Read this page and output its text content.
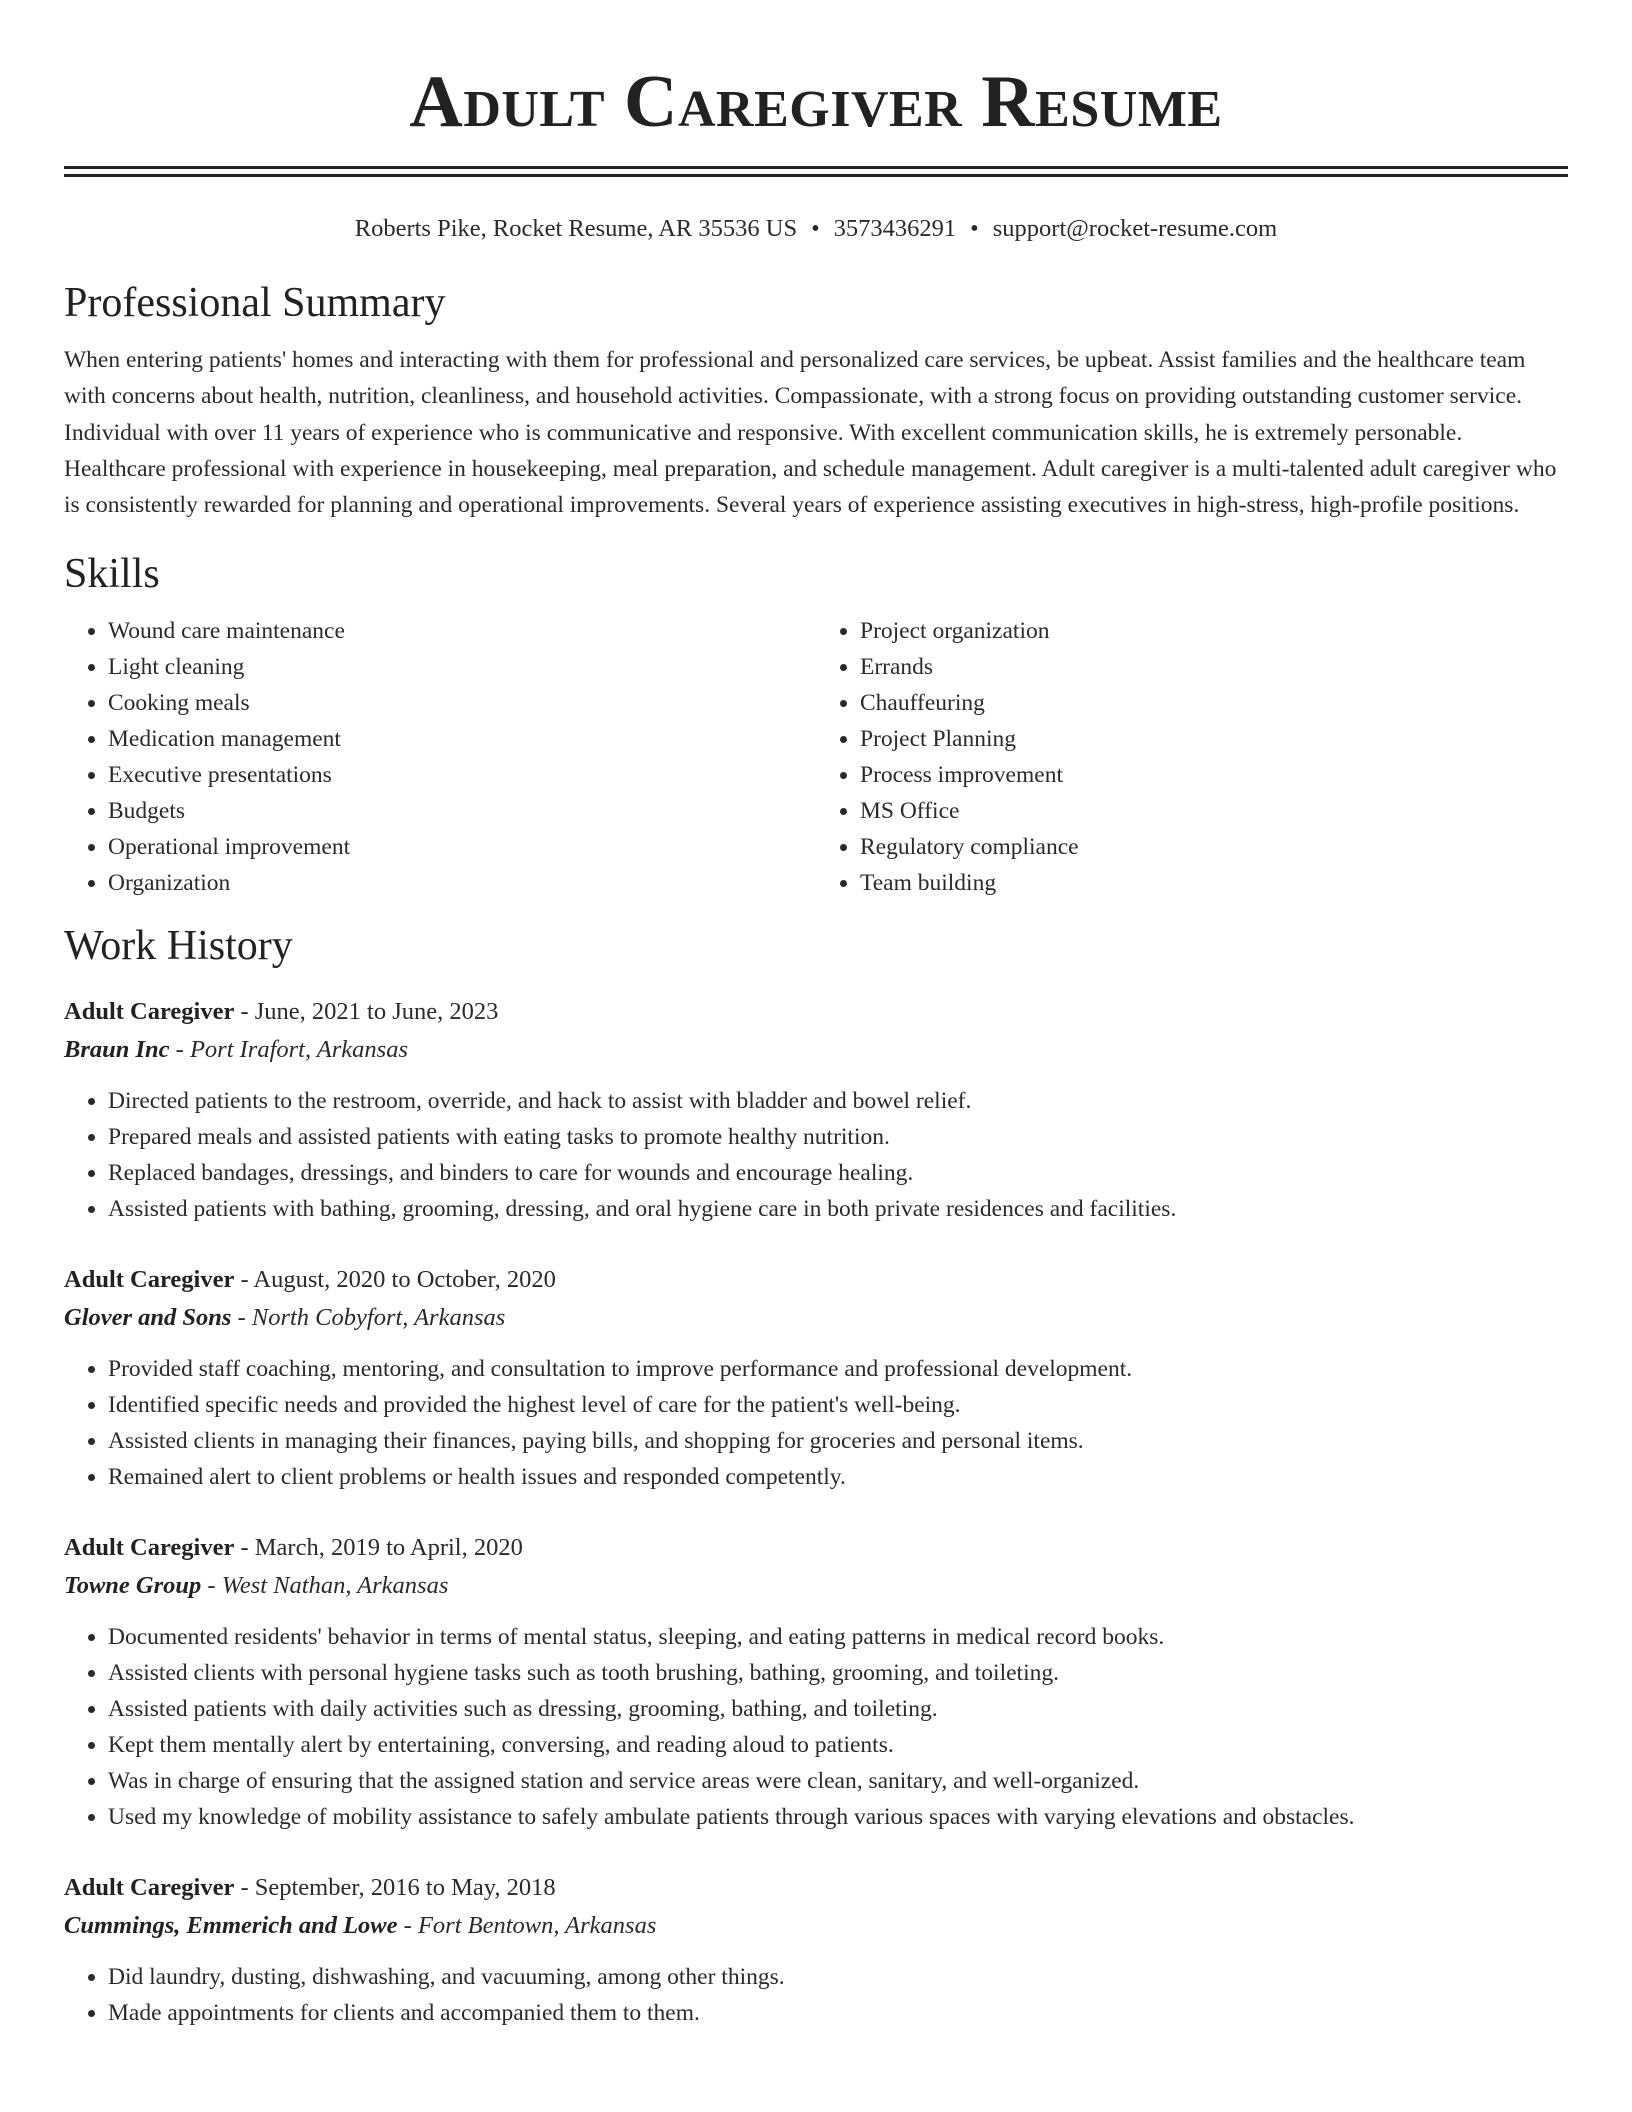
Adult Caregiver Resume
Roberts Pike, Rocket Resume, AR 35536 US • 3573436291 • support@rocket-resume.com
Professional Summary

When entering patients' homes and interacting with them for professional and personalized care services, be upbeat. Assist families and the healthcare team with concerns about health, nutrition, cleanliness, and household activities. Compassionate, with a strong focus on providing outstanding customer service. Individual with over 11 years of experience who is communicative and responsive. With excellent communication skills, he is extremely personable. Healthcare professional with experience in housekeeping, meal preparation, and schedule management. Adult caregiver is a multi-talented adult caregiver who is consistently rewarded for planning and operational improvements. Several years of experience assisting executives in high-stress, high-profile positions.

Skills
• Wound care maintenance
• Light cleaning
• Cooking meals
• Medication management
• Executive presentations
• Budgets
• Operational improvement
• Organization
• Project organization
• Errands
• Chauffeuring
• Project Planning
• Process improvement
• MS Office
• Regulatory compliance
• Team building
Work History
Adult Caregiver - June, 2021 to June, 2023
Braun Inc - Port Irafort, Arkansas
• Directed patients to the restroom, override, and hack to assist with bladder and bowel relief.
• Prepared meals and assisted patients with eating tasks to promote healthy nutrition.
• Replaced bandages, dressings, and binders to care for wounds and encourage healing.
• Assisted patients with bathing, grooming, dressing, and oral hygiene care in both private residences and facilities.
Adult Caregiver - August, 2020 to October, 2020
Glover and Sons - North Cobyfort, Arkansas
• Provided staff coaching, mentoring, and consultation to improve performance and professional development.
• Identified specific needs and provided the highest level of care for the patient's well-being.
• Assisted clients in managing their finances, paying bills, and shopping for groceries and personal items.
• Remained alert to client problems or health issues and responded competently.
Adult Caregiver - March, 2019 to April, 2020
Towne Group - West Nathan, Arkansas
• Documented residents' behavior in terms of mental status, sleeping, and eating patterns in medical record books.
• Assisted clients with personal hygiene tasks such as tooth brushing, bathing, grooming, and toileting.
• Assisted patients with daily activities such as dressing, grooming, bathing, and toileting.
• Kept them mentally alert by entertaining, conversing, and reading aloud to patients.
• Was in charge of ensuring that the assigned station and service areas were clean, sanitary, and well-organized.
• Used my knowledge of mobility assistance to safely ambulate patients through various spaces with varying elevations and obstacles.
Adult Caregiver - September, 2016 to May, 2018
Cummings, Emmerich and Lowe - Fort Bentown, Arkansas
• Did laundry, dusting, dishwashing, and vacuuming, among other things.
• Made appointments for clients and accompanied them to them.
